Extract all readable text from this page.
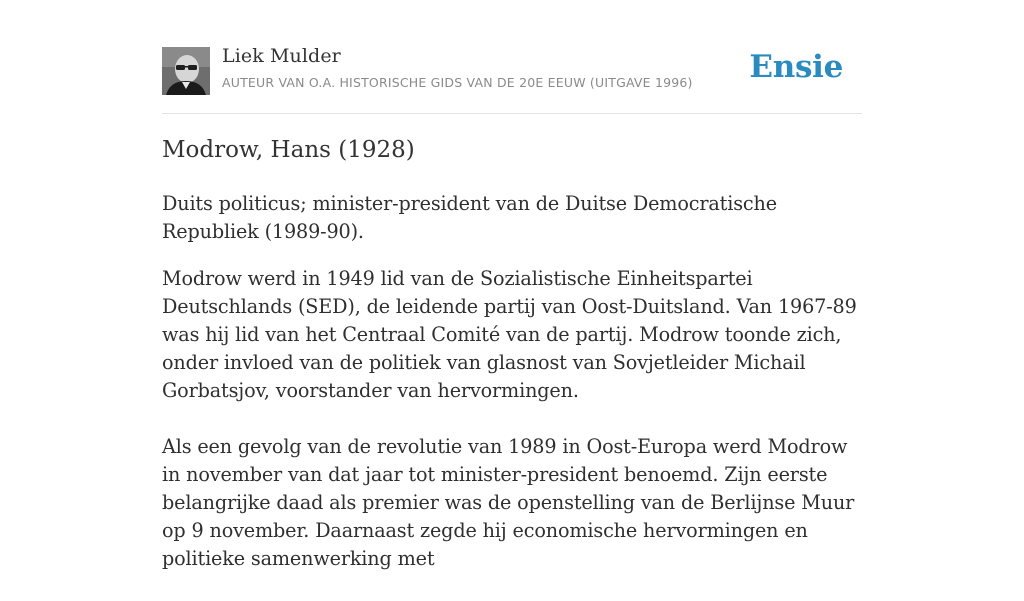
Liek Mulder
AUTEUR VAN O.A. HISTORISCHE GIDS VAN DE 20E EEUW (UITGAVE 1996) Ensie
Modrow, Hans (1928)

Duits politicus; minister-president van de Duitse Democratische Republiek (1989-90).

Modrow werd in 1949 lid van de Sozialistische Einheitspartei Deutschlands (SED), de leidende partij van Oost-Duitsland. Van 1967-89 was hij lid van het Centraal Comité van de partij. Modrow toonde zich, onder invloed van de politiek van glasnost van Sovjetleider Michail Gorbatsjov, voorstander van hervormingen.

Als een gevolg van de revolutie van 1989 in Oost-Europa werd Modrow in november van dat jaar tot minister-president benoemd. Zijn eerste belangrijke daad als premier was de openstelling van de Berlijnse Muur op 9 november. Daarnaast zegde hij economische hervormingen en politieke samenwerking met
